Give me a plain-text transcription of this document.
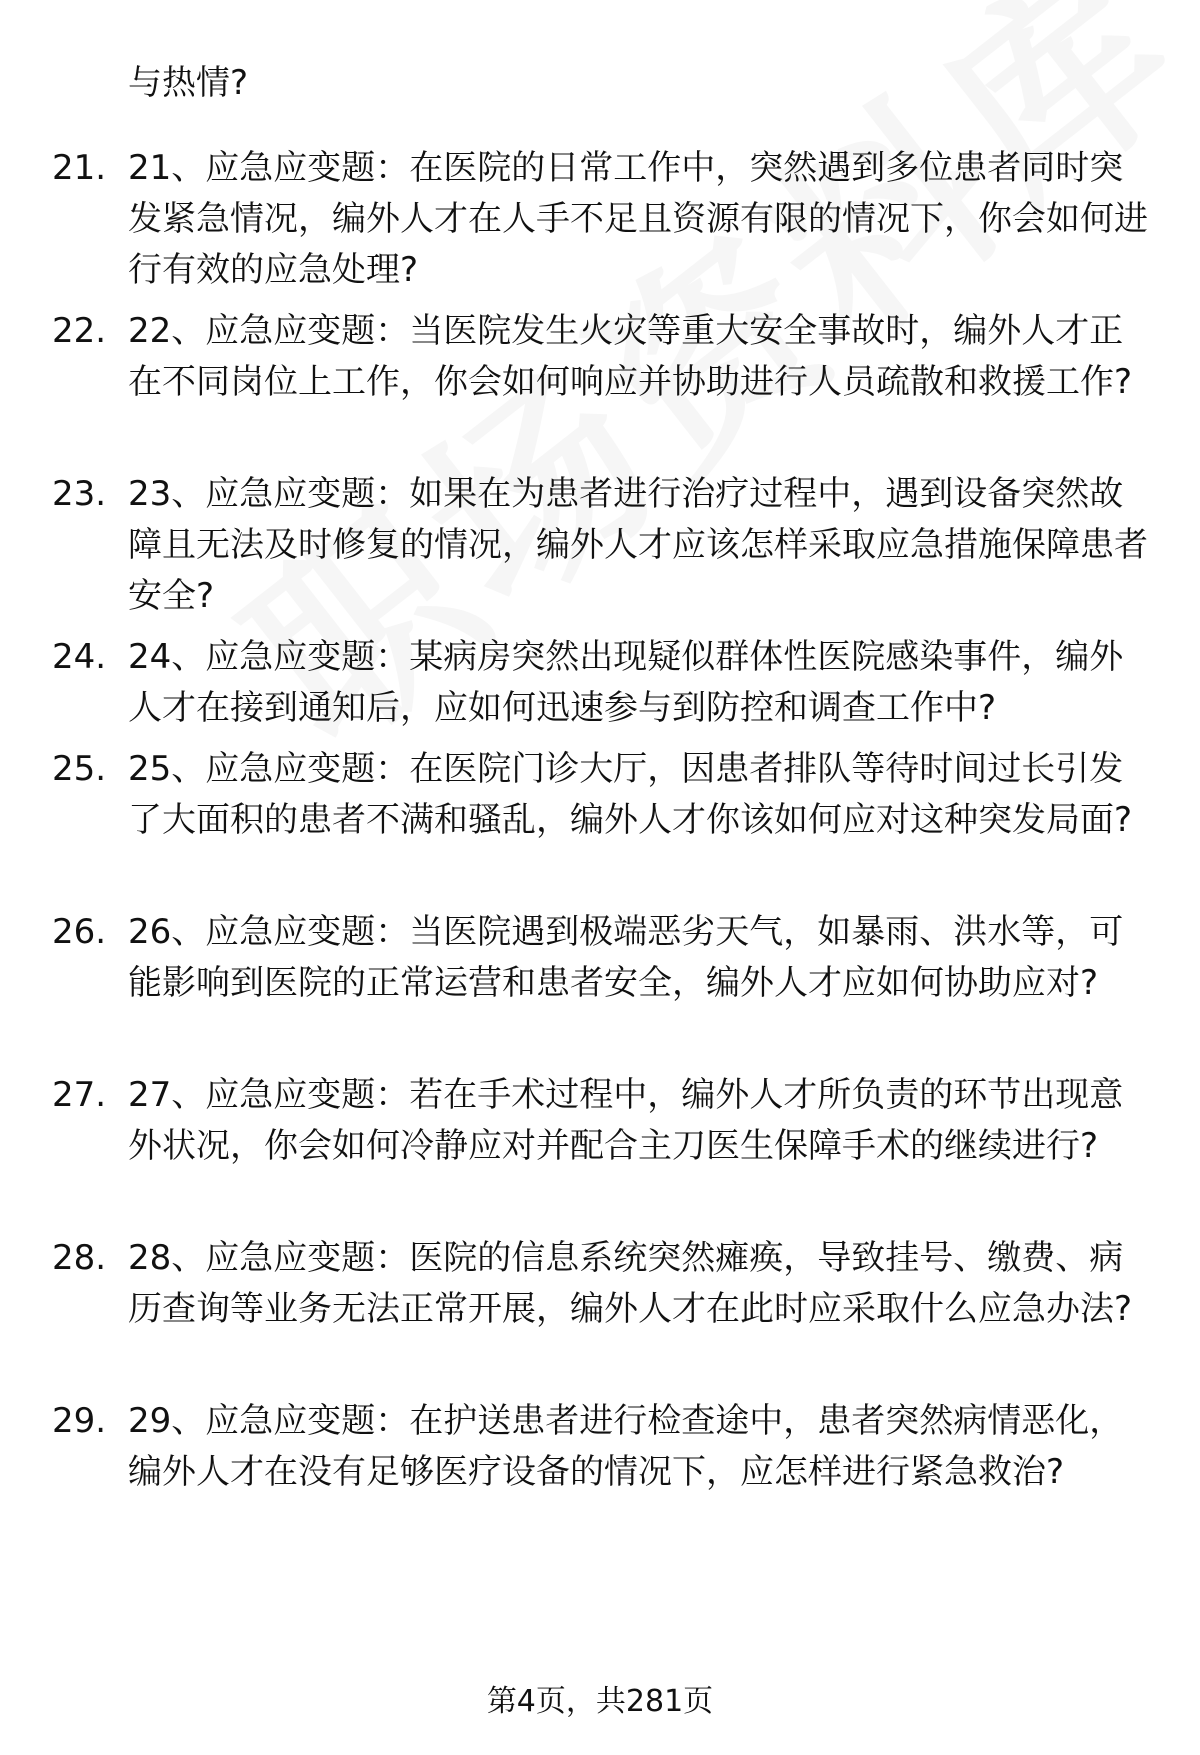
与热情?
21. 21、应急应变题：在医院的日常工作中，突然遇到多位患者同时突发紧急情况，编外人才在人手不足且资源有限的情况下，你会如何进行有效的应急处理?
22. 22、应急应变题：当医院发生火灾等重大安全事故时，编外人才正在不同岗位上工作，你会如何响应并协助进行人员疏散和救援工作?
23. 23、应急应变题：如果在为患者进行治疗过程中，遇到设备突然故障且无法及时修复的情况，编外人才应该怎样采取应急措施保障患者安全?
24. 24、应急应变题：某病房突然出现疑似群体性医院感染事件，编外人才在接到通知后，应如何迅速参与到防控和调查工作中?
25. 25、应急应变题：在医院门诊大厅，因患者排队等待时间过长引发了大面积的患者不满和骚乱，编外人才你该如何应对这种突发局面?
26. 26、应急应变题：当医院遇到极端恶劣天气，如暴雨、洪水等，可能影响到医院的正常运营和患者安全，编外人才应如何协助应对?
27. 27、应急应变题：若在手术过程中，编外人才所负责的环节出现意外状况，你会如何冷静应对并配合主刀医生保障手术的继续进行?
28. 28、应急应变题：医院的信息系统突然瘫痪，导致挂号、缴费、病历查询等业务无法正常开展，编外人才在此时应采取什么应急办法?
29. 29、应急应变题：在护送患者进行检查途中，患者突然病情恶化，编外人才在没有足够医疗设备的情况下，应怎样进行紧急救治?
第4页，共281页
